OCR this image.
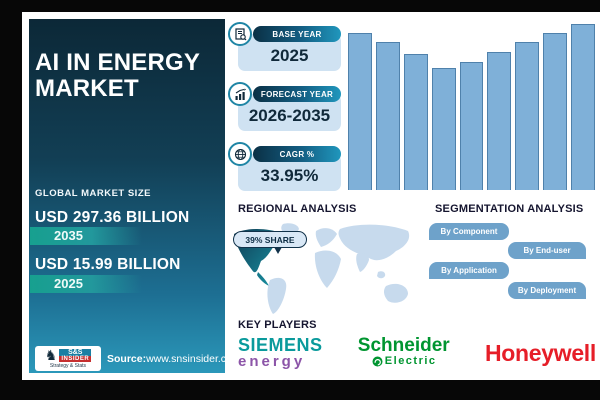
AI IN ENERGY
MARKET
GLOBAL MARKET SIZE
USD 297.36 BILLION
2035
USD 15.99 BILLION
2025
♞	S&S
INSIDER
Strategy & Stats
Source:www.snsinsider.com
BASE YEAR
2025
FORECAST YEAR
2026-2035
CAGR %
33.95%
REGIONAL ANALYSIS
39% SHARE
SEGMENTATION ANALYSIS
By Component
By End-user
By Application
By Deployment
KEY PLAYERS
SIEMENS
energy
Schneider
Electric Honeywell
